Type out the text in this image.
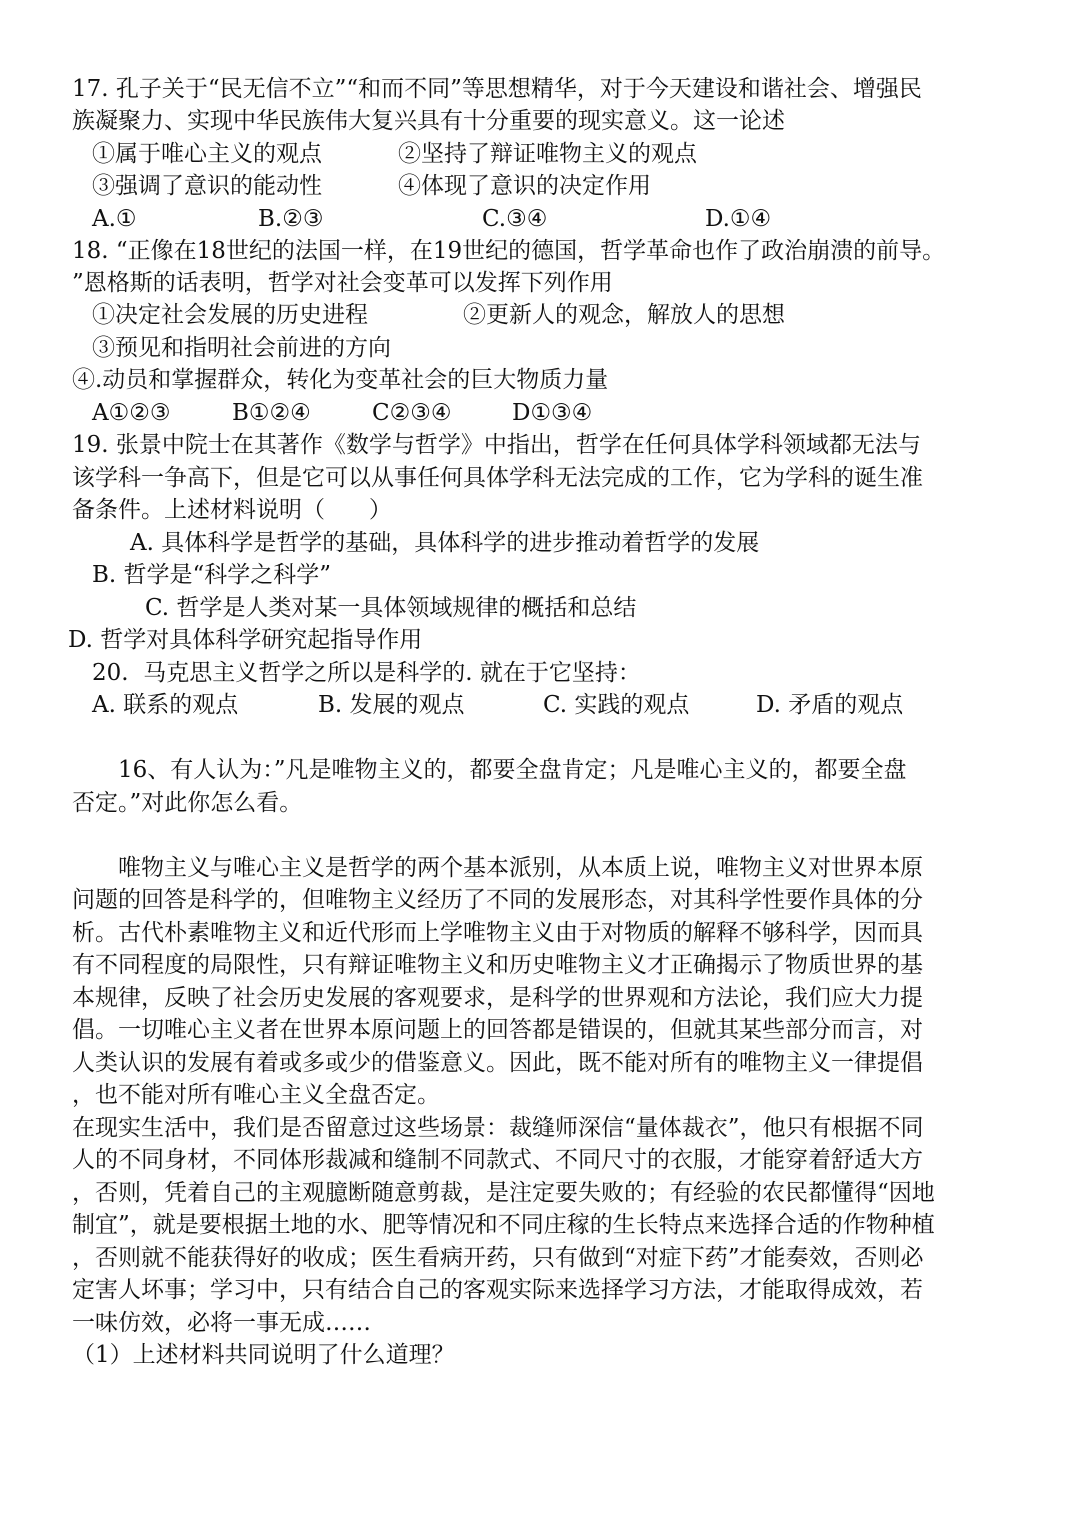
17. 孔子关于“民无信不立”“和而不同”等思想精华，对于今天建设和谐社会、增强民
族凝聚力、实现中华民族伟大复兴具有十分重要的现实意义。这一论述
①属于唯心主义的观点	②坚持了辩证唯物主义的观点
③强调了意识的能动性	④体现了意识的决定作用
A.①	B.②③	C.③④	D.①④
18. “正像在18世纪的法国一样，在19世纪的德国，哲学革命也作了政治崩溃的前导。
”恩格斯的话表明，哲学对社会变革可以发挥下列作用
①决定社会发展的历史进程	②更新人的观念，解放人的思想
③预见和指明社会前进的方向
④.动员和掌握群众，转化为变革社会的巨大物质力量
A①②③	B①②④	C②③④	D①③④
19. 张景中院士在其著作《数学与哲学》中指出，哲学在任何具体学科领域都无法与
该学科一争高下，但是它可以从事任何具体学科无法完成的工作，它为学科的诞生准
备条件。上述材料说明（      ）
A. 具体科学是哲学的基础，具体科学的进步推动着哲学的发展
B. 哲学是“科学之科学”
C. 哲学是人类对某一具体领域规律的概括和总结
D. 哲学对具体科学研究起指导作用
20.  马克思主义哲学之所以是科学的. 就在于它坚持：
A. 联系的观点	B. 发展的观点	C. 实践的观点	D. 矛盾的观点
16、有人认为：”凡是唯物主义的，都要全盘肯定；凡是唯心主义的，都要全盘
否定。”对此你怎么看。
唯物主义与唯心主义是哲学的两个基本派别，从本质上说，唯物主义对世界本原
问题的回答是科学的，但唯物主义经历了不同的发展形态，对其科学性要作具体的分
析。古代朴素唯物主义和近代形而上学唯物主义由于对物质的解释不够科学，因而具
有不同程度的局限性，只有辩证唯物主义和历史唯物主义才正确揭示了物质世界的基
本规律，反映了社会历史发展的客观要求，是科学的世界观和方法论，我们应大力提
倡。一切唯心主义者在世界本原问题上的回答都是错误的，但就其某些部分而言，对
人类认识的发展有着或多或少的借鉴意义。因此，既不能对所有的唯物主义一律提倡
，也不能对所有唯心主义全盘否定。
在现实生活中，我们是否留意过这些场景：裁缝师深信“量体裁衣”，他只有根据不同
人的不同身材，不同体形裁减和缝制不同款式、不同尺寸的衣服，才能穿着舒适大方
，否则，凭着自己的主观臆断随意剪裁，是注定要失败的；有经验的农民都懂得“因地
制宜”，就是要根据土地的水、肥等情况和不同庄稼的生长特点来选择合适的作物种植
，否则就不能获得好的收成；医生看病开药，只有做到“对症下药”才能奏效，否则必
定害人坏事；学习中，只有结合自己的客观实际来选择学习方法，才能取得成效，若
一味仿效，必将一事无成……
（1）上述材料共同说明了什么道理？
